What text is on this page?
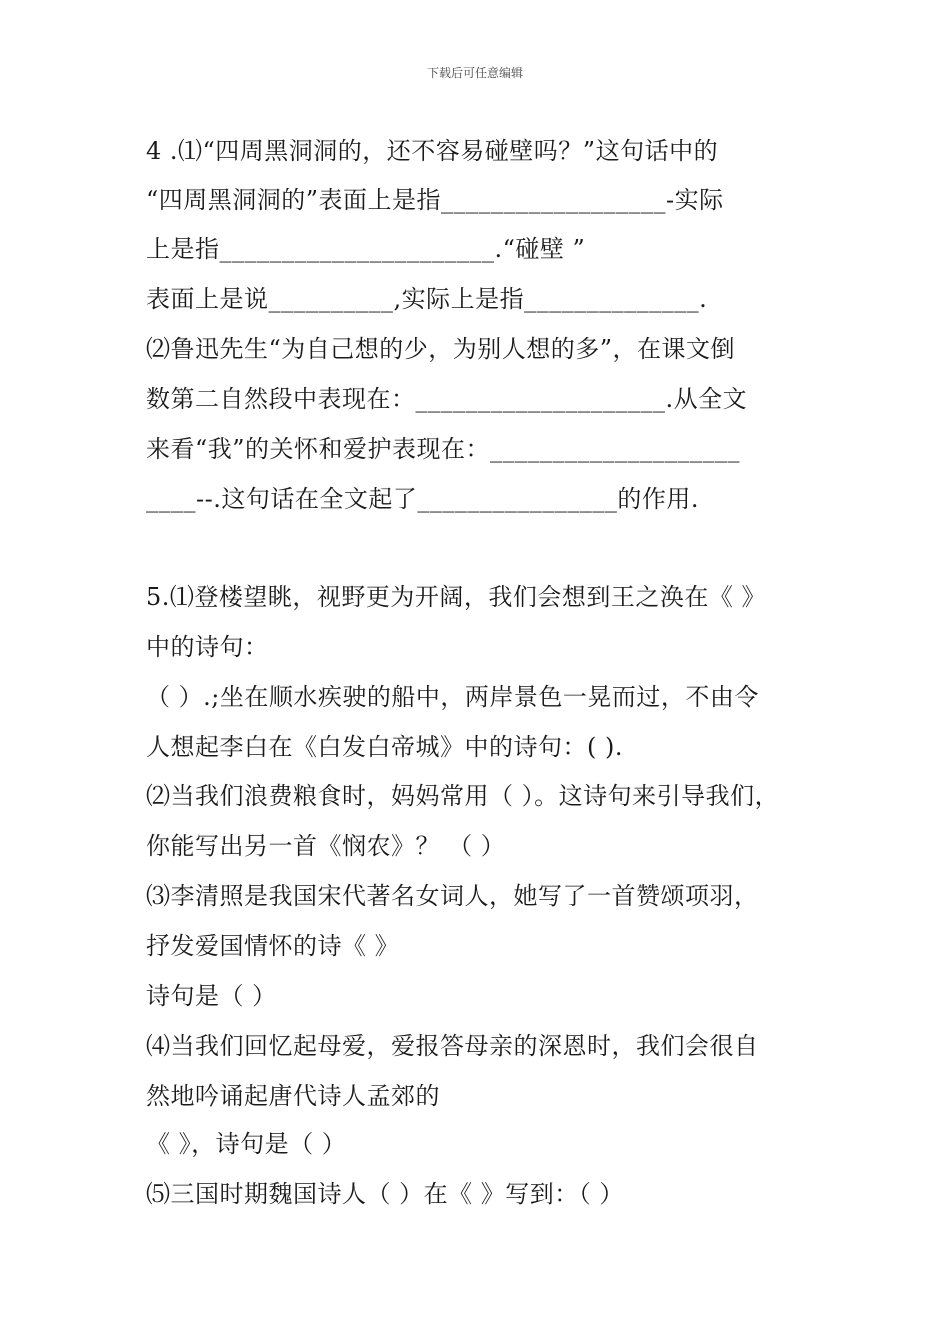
下载后可任意编辑
4 .⑴“四周黑洞洞的，还不容易碰壁吗？”这句话中的
“四周黑洞洞的”表面上是指__________________-实际
上是指______________________.“碰壁 ”
表面上是说__________,实际上是指______________.
⑵鲁迅先生“为自己想的少，为别人想的多”，在课文倒
数第二自然段中表现在：____________________.从全文
来看“我”的关怀和爱护表现在：____________________
____--.这句话在全文起了________________的作用.
5.⑴登楼望眺，视野更为开阔，我们会想到王之涣在《 》
中的诗句：
（ ）.;坐在顺水疾驶的船中，两岸景色一晃而过，不由令
人想起李白在《白发白帝城》中的诗句：( ).
⑵当我们浪费粮食时，妈妈常用（ ）。这诗句来引导我们，
你能写出另一首《悯农》？ （ ）
⑶李清照是我国宋代著名女词人，她写了一首赞颂项羽，
抒发爱国情怀的诗《 》
诗句是（ ）
⑷当我们回忆起母爱，爱报答母亲的深恩时，我们会很自
然地吟诵起唐代诗人孟郊的
《 》，诗句是（ ）
⑸三国时期魏国诗人（ ）在《 》写到：（ ）
